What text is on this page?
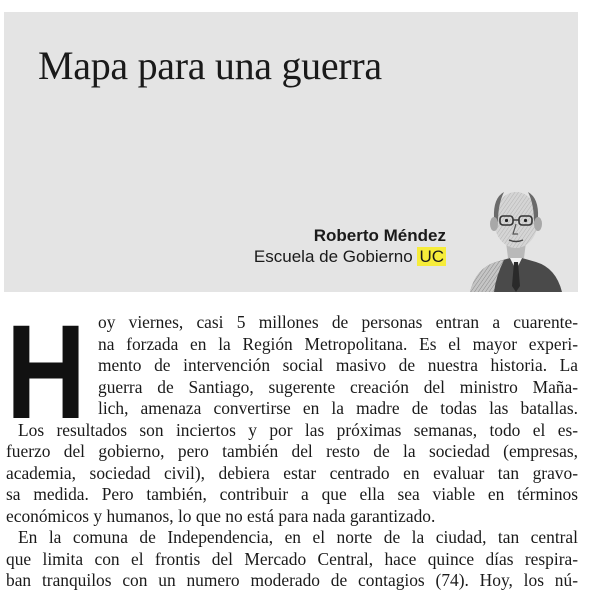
Mapa para una guerra
Roberto Méndez
Escuela de Gobierno UC
H oy viernes, casi 5 millones de personas entran a cuarente-
na forzada en la Región Metropolitana. Es el mayor experi-
mento de intervención social masivo de nuestra historia. La
guerra de Santiago, sugerente creación del ministro Maña-
lich, amenaza convertirse en la madre de todas las batallas.
Los resultados son inciertos y por las próximas semanas, todo el es-
fuerzo del gobierno, pero también del resto de la sociedad (empresas,
academia, sociedad civil), debiera estar centrado en evaluar tan gravo-
sa medida. Pero también, contribuir a que ella sea viable en términos
económicos y humanos, lo que no está para nada garantizado.
En la comuna de Independencia, en el norte de la ciudad, tan central
que limita con el frontis del Mercado Central, hace quince días respira-
ban tranquilos con un numero moderado de contagios (74). Hoy, los nú-
